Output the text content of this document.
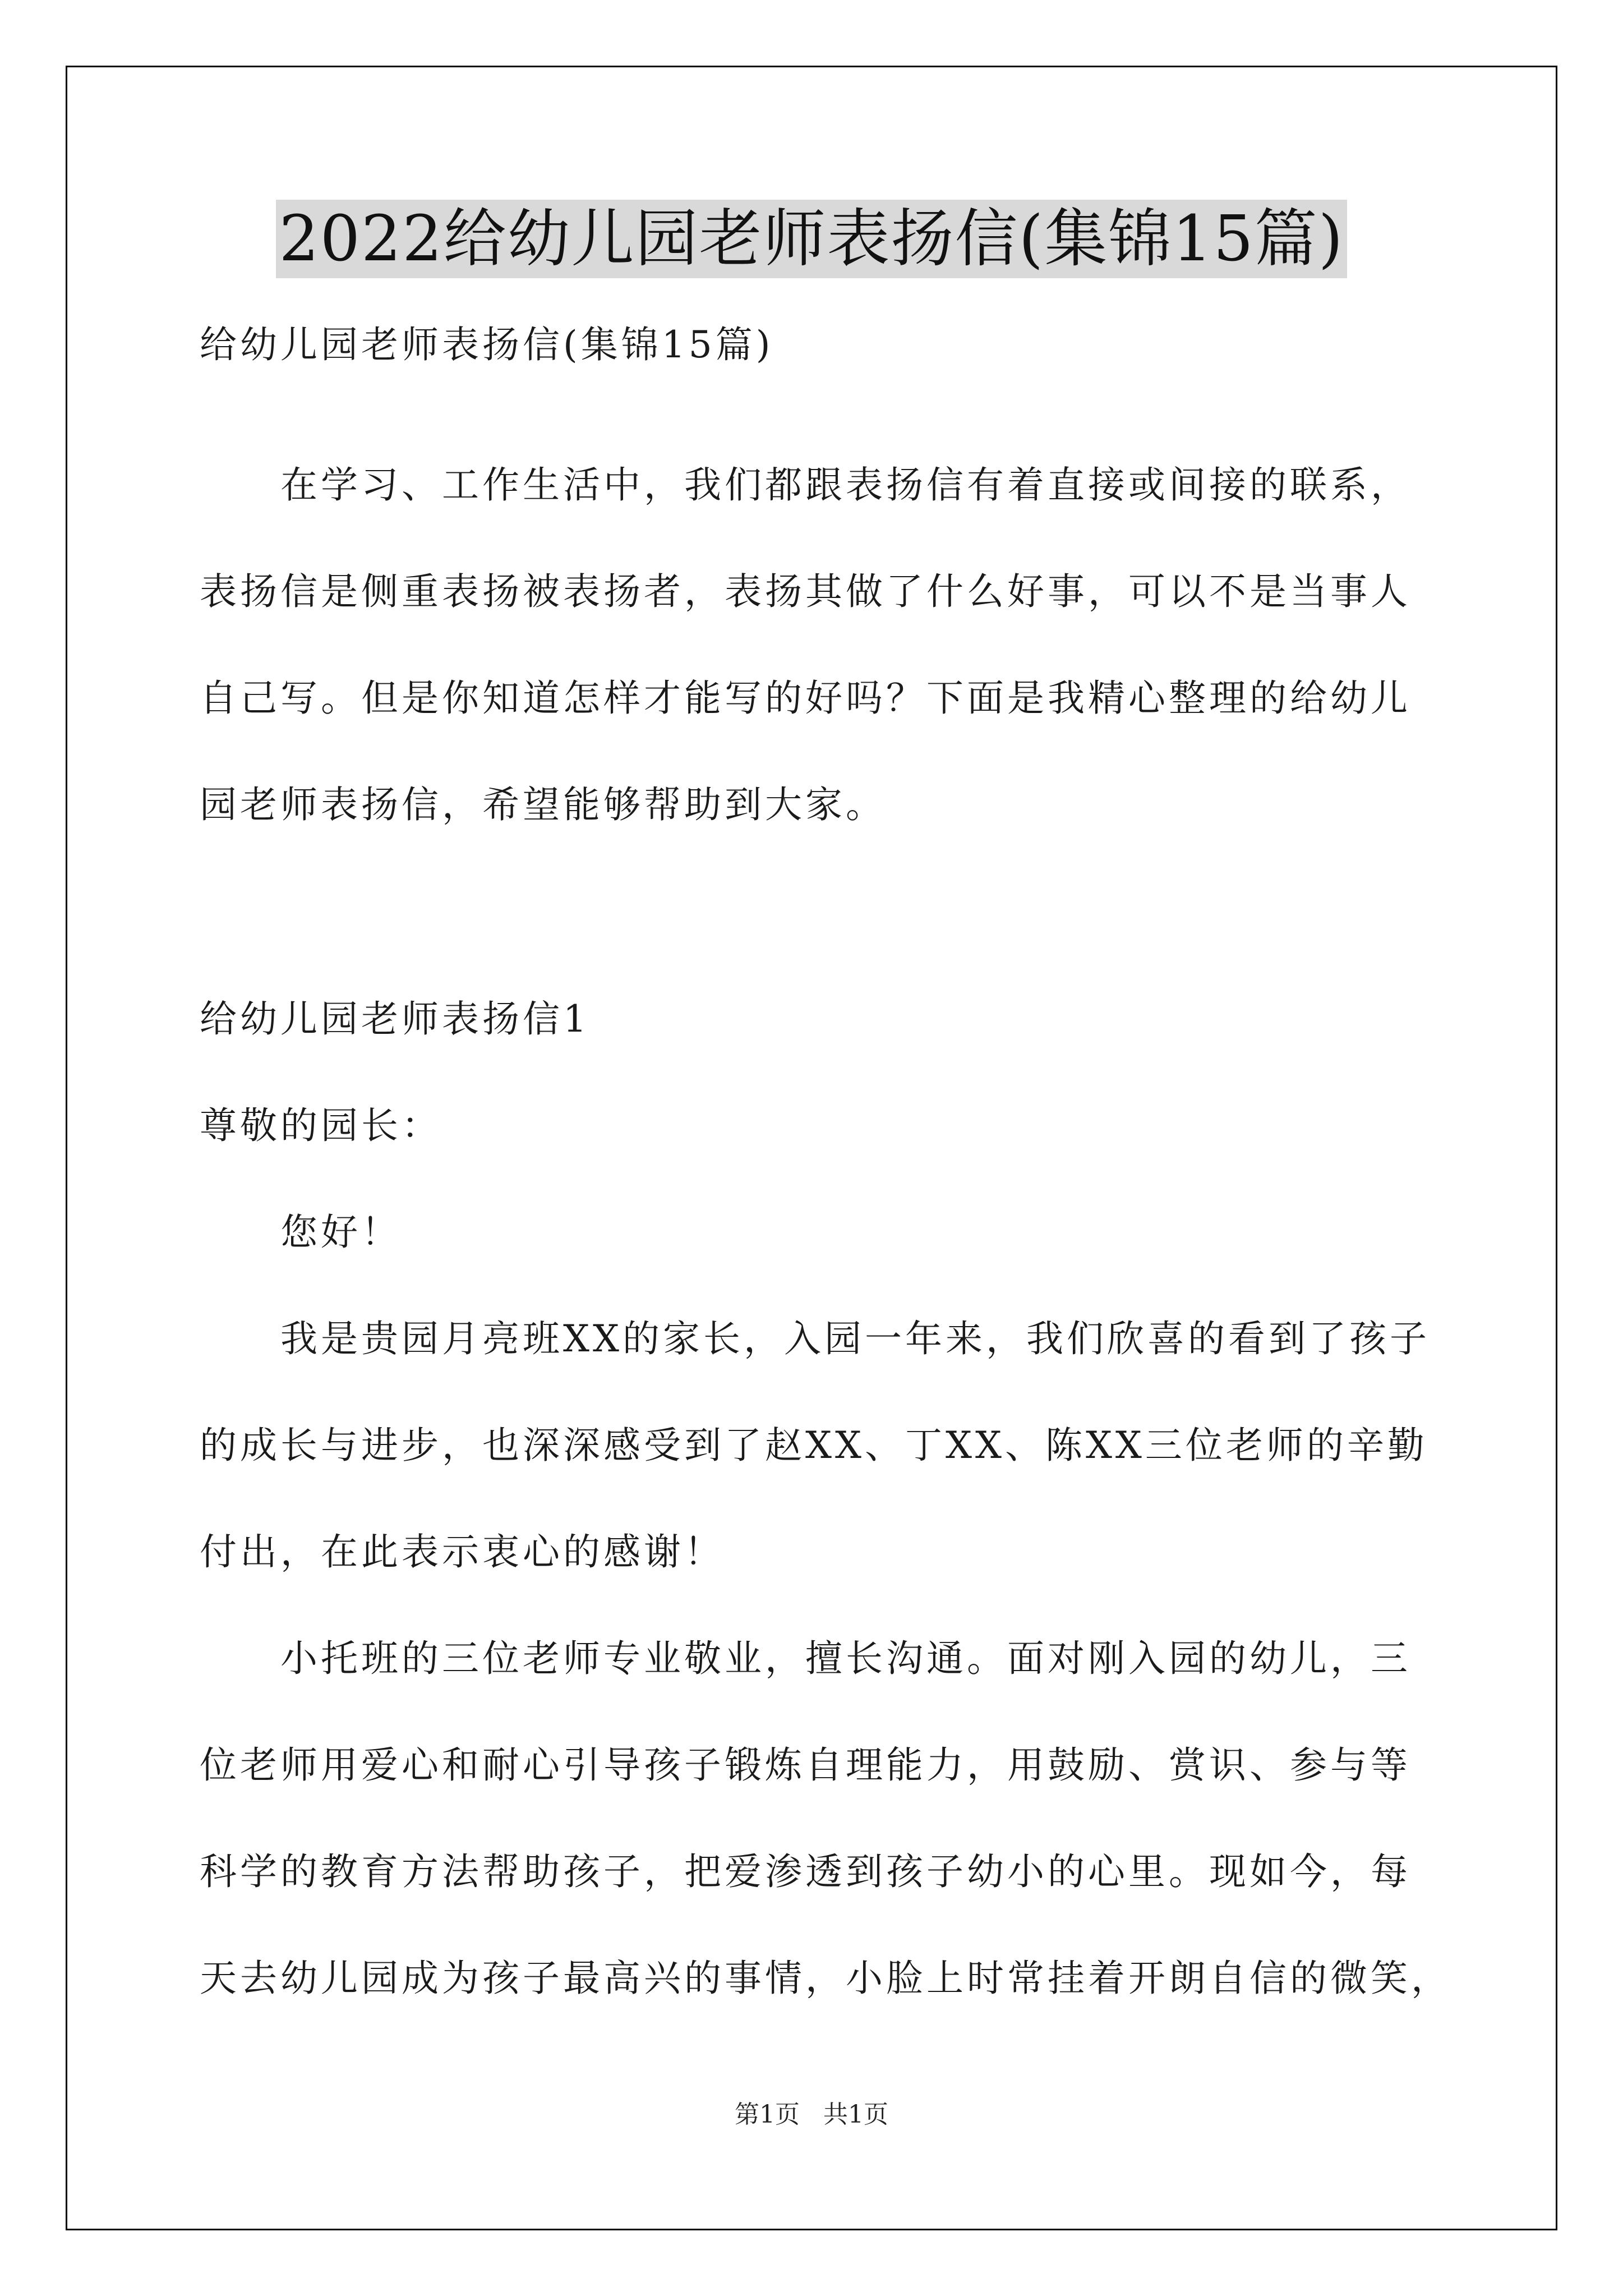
2022给幼儿园老师表扬信(集锦15篇)
给幼儿园老师表扬信(集锦15篇)
在学习、工作生活中，我们都跟表扬信有着直接或间接的联系，
表扬信是侧重表扬被表扬者，表扬其做了什么好事，可以不是当事人
自己写。但是你知道怎样才能写的好吗？下面是我精心整理的给幼儿
园老师表扬信，希望能够帮助到大家。
给幼儿园老师表扬信1
尊敬的园长：
您好！
我是贵园月亮班XX的家长，入园一年来，我们欣喜的看到了孩子
的成长与进步，也深深感受到了赵XX、丁XX、陈XX三位老师的辛勤
付出，在此表示衷心的感谢！
小托班的三位老师专业敬业，擅长沟通。面对刚入园的幼儿，三
位老师用爱心和耐心引导孩子锻炼自理能力，用鼓励、赏识、参与等
科学的教育方法帮助孩子，把爱渗透到孩子幼小的心里。现如今，每
天去幼儿园成为孩子最高兴的事情，小脸上时常挂着开朗自信的微笑，
第1页 共1页
